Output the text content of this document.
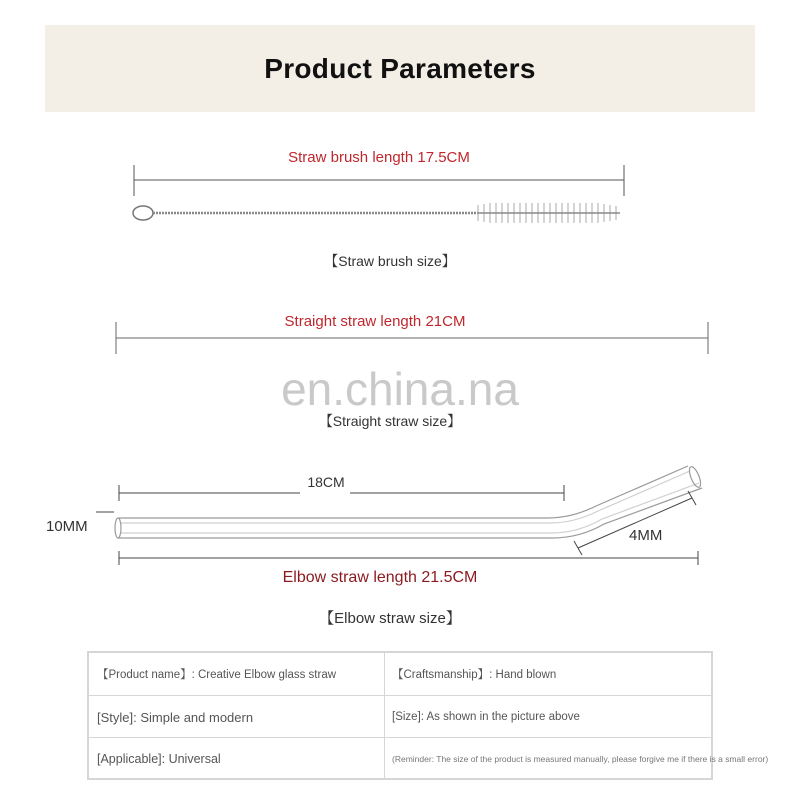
Product Parameters
Straw brush length 17.5CM
【Straw brush size】
Straight straw length 21CM
en.china.na
【Straight straw size】
18CM
10MM
4MM
Elbow straw length 21.5CM
【Elbow straw size】
【Product name】: Creative Elbow glass straw	【Craftsmanship】: Hand blown
[Style]: Simple and modern	[Size]: As shown in the picture above
[Applicable]: Universal	(Reminder: The size of the product is measured manually, please forgive me if there is a small error)
